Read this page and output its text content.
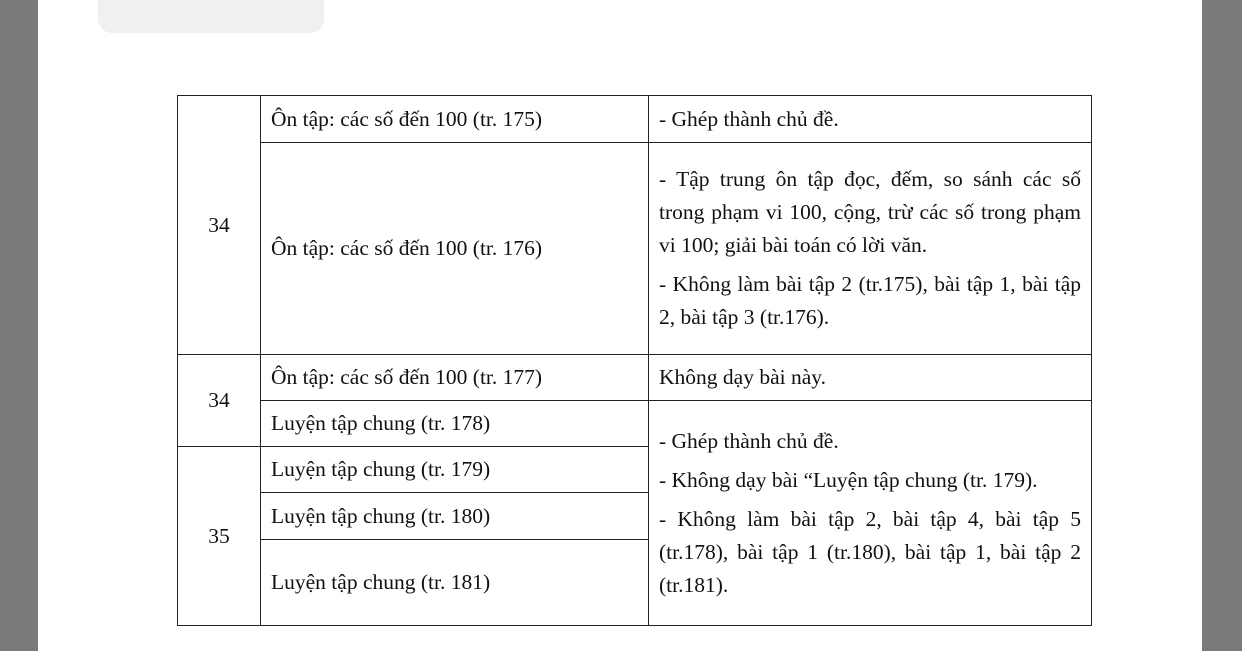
34	Ôn tập: các số đến 100 (tr. 175)	- Ghép thành chủ đề.

	Ôn tập: các số đến 100 (tr. 176)	- Tập trung ôn tập đọc, đếm, so sánh các số trong phạm vi 100, cộng, trừ các số trong phạm vi 100; giải bài toán có lời văn.
- Không làm bài tập 2 (tr.175), bài tập 1, bài tập 2, bài tập 3 (tr.176).

34	Ôn tập: các số đến 100 (tr. 177)	Không dạy bài này.

	Luyện tập chung (tr. 178)	- Ghép thành chủ đề.
- Không dạy bài “Luyện tập chung (tr. 179).
- Không làm bài tập 2, bài tập 4, bài tập 5 (tr.178), bài tập 1 (tr.180), bài tập 1, bài tập 2 (tr.181).

35	Luyện tập chung (tr. 179)	
	Luyện tập chung (tr. 180)	
	Luyện tập chung (tr. 181)	
